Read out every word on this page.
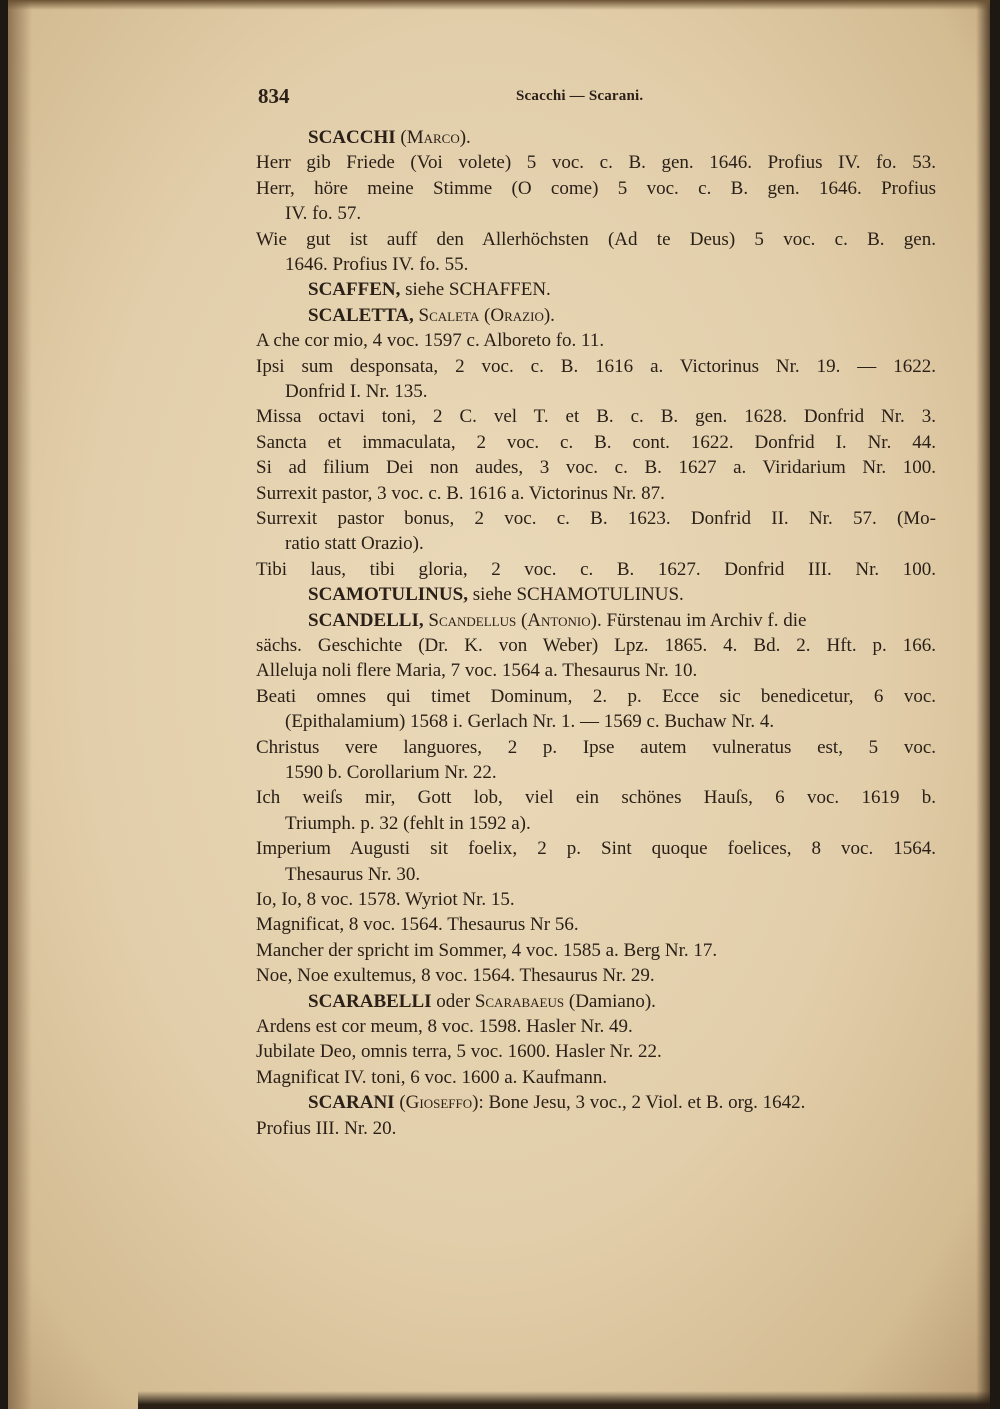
834	Scacchi — Scarani.
SCACCHI (Marco).
Herr gib Friede (Voi volete) 5 voc. c. B. gen. 1646. Profius IV. fo. 53.
Herr, höre meine Stimme (O come) 5 voc. c. B. gen. 1646. Profius
IV. fo. 57.
Wie gut ist auff den Allerhöchsten (Ad te Deus) 5 voc. c. B. gen.
1646. Profius IV. fo. 55.
SCAFFEN, siehe SCHAFFEN.
SCALETTA, Scaleta (Orazio).
A che cor mio, 4 voc. 1597 c. Alboreto fo. 11.
Ipsi sum desponsata, 2 voc. c. B. 1616 a. Victorinus Nr. 19. — 1622.
Donfrid I. Nr. 135.
Missa octavi toni, 2 C. vel T. et B. c. B. gen. 1628. Donfrid Nr. 3.
Sancta et immaculata, 2 voc. c. B. cont. 1622. Donfrid I. Nr. 44.
Si ad filium Dei non audes, 3 voc. c. B. 1627 a. Viridarium Nr. 100.
Surrexit pastor, 3 voc. c. B. 1616 a. Victorinus Nr. 87.
Surrexit pastor bonus, 2 voc. c. B. 1623. Donfrid II. Nr. 57. (Mo-
ratio statt Orazio).
Tibi laus, tibi gloria, 2 voc. c. B. 1627. Donfrid III. Nr. 100.
SCAMOTULINUS, siehe SCHAMOTULINUS.
SCANDELLI, Scandellus (Antonio). Fürstenau im Archiv f. die
sächs. Geschichte (Dr. K. von Weber) Lpz. 1865. 4. Bd. 2. Hft. p. 166.
Alleluja noli flere Maria, 7 voc. 1564 a. Thesaurus Nr. 10.
Beati omnes qui timet Dominum, 2. p. Ecce sic benedicetur, 6 voc.
(Epithalamium) 1568 i. Gerlach Nr. 1. — 1569 c. Buchaw Nr. 4.
Christus vere languores, 2 p. Ipse autem vulneratus est, 5 voc.
1590 b. Corollarium Nr. 22.
Ich weiſs mir, Gott lob, viel ein schönes Hauſs, 6 voc. 1619 b.
Triumph. p. 32 (fehlt in 1592 a).
Imperium Augusti sit foelix, 2 p. Sint quoque foelices, 8 voc. 1564.
Thesaurus Nr. 30.
Io, Io, 8 voc. 1578. Wyriot Nr. 15.
Magnificat, 8 voc. 1564. Thesaurus Nr 56.
Mancher der spricht im Sommer, 4 voc. 1585 a. Berg Nr. 17.
Noe, Noe exultemus, 8 voc. 1564. Thesaurus Nr. 29.
SCARABELLI oder Scarabaeus (Damiano).
Ardens est cor meum, 8 voc. 1598. Hasler Nr. 49.
Jubilate Deo, omnis terra, 5 voc. 1600. Hasler Nr. 22.
Magnificat IV. toni, 6 voc. 1600 a. Kaufmann.
SCARANI (Gioseffo): Bone Jesu, 3 voc., 2 Viol. et B. org. 1642.
Profius III. Nr. 20.
